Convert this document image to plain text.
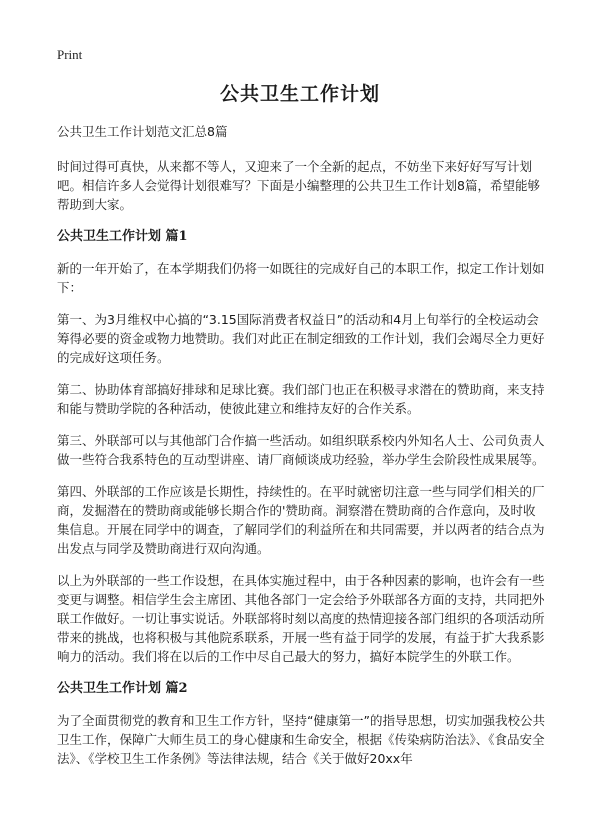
Print
公共卫生工作计划

公共卫生工作计划范文汇总8篇

时间过得可真快，从来都不等人，又迎来了一个全新的起点，不妨坐下来好好写写计划吧。相信许多人会觉得计划很难写？下面是小编整理的公共卫生工作计划8篇，希望能够帮助到大家。

公共卫生工作计划 篇1

新的一年开始了，在本学期我们仍将一如既往的完成好自己的本职工作，拟定工作计划如下：

第一、为3月维权中心搞的“3.15国际消费者权益日”的活动和4月上旬举行的全校运动会筹得必要的资金或物力地赞助。我们对此正在制定细致的工作计划，我们会竭尽全力更好的完成好这项任务。

第二、协助体育部搞好排球和足球比赛。我们部门也正在积极寻求潜在的赞助商，来支持和能与赞助学院的各种活动，使彼此建立和维持友好的合作关系。

第三、外联部可以与其他部门合作搞一些活动。如组织联系校内外知名人士、公司负责人做一些符合我系特色的互动型讲座、请厂商倾谈成功经验，举办学生会阶段性成果展等。

第四、外联部的工作应该是长期性，持续性的。在平时就密切注意一些与同学们相关的厂商，发掘潜在的赞助商或能够长期合作的'赞助商。洞察潜在赞助商的合作意向，及时收集信息。开展在同学中的调查，了解同学们的利益所在和共同需要，并以两者的结合点为出发点与同学及赞助商进行双向沟通。

以上为外联部的一些工作设想，在具体实施过程中，由于各种因素的影响，也许会有一些变更与调整。相信学生会主席团、其他各部门一定会给予外联部各方面的支持，共同把外联工作做好。一切让事实说话。外联部将时刻以高度的热情迎接各部门组织的各项活动所带来的挑战，也将积极与其他院系联系，开展一些有益于同学的发展，有益于扩大我系影响力的活动。我们将在以后的工作中尽自己最大的努力，搞好本院学生的外联工作。

公共卫生工作计划 篇2

为了全面贯彻党的教育和卫生工作方针，坚持“健康第一”的指导思想，切实加强我校公共卫生工作，保障广大师生员工的身心健康和生命安全，根据《传染病防治法》、《食品安全法》、《学校卫生工作条例》等法律法规，结合《关于做好20xx年
